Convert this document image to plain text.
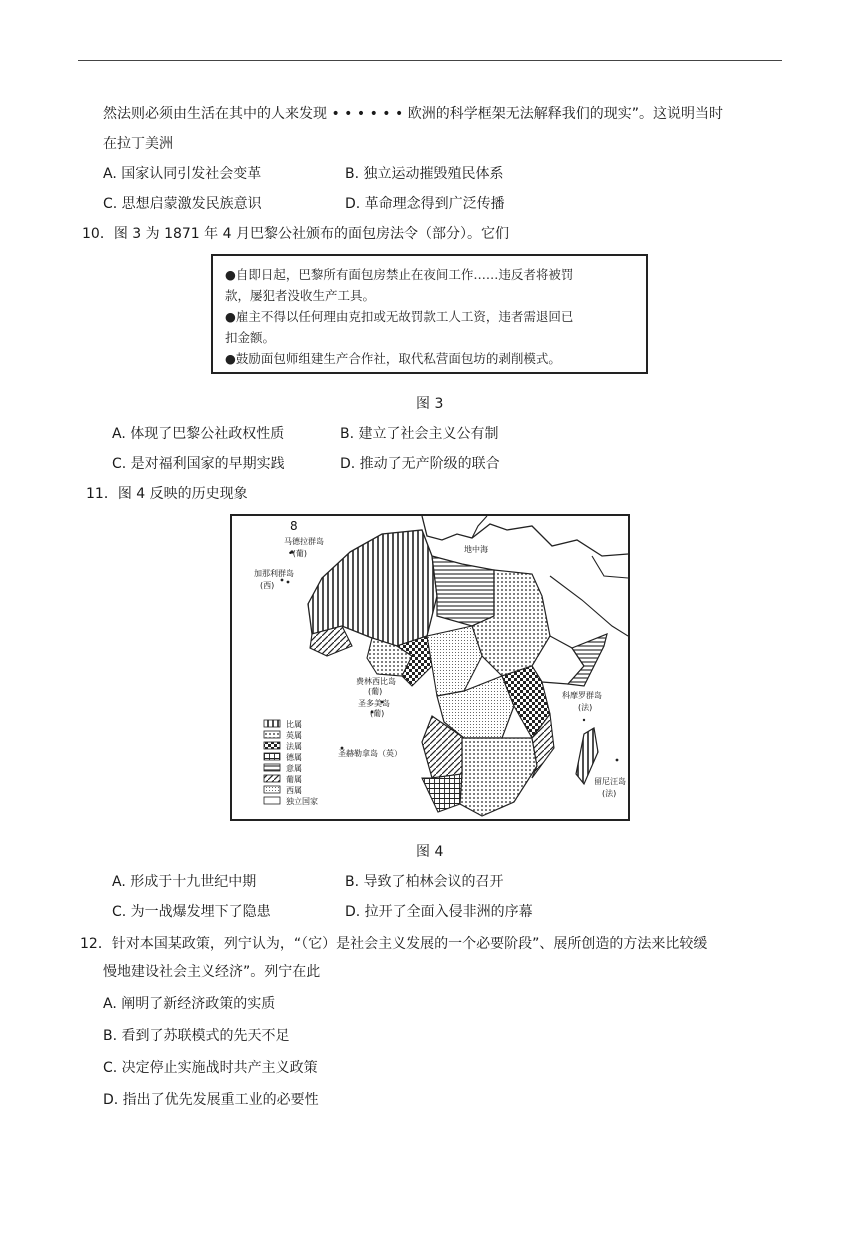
然法则必须由生活在其中的人来发现 • • • • • • 欧洲的科学框架无法解释我们的现实”。这说明当时
在拉丁美洲
A. 国家认同引发社会变革	B. 独立运动摧毁殖民体系
C. 思想启蒙激发民族意识	D. 革命理念得到广泛传播
10．图 3 为 1871 年 4 月巴黎公社颁布的面包房法令（部分）。它们

●自即日起，巴黎所有面包房禁止在夜间工作……违反者将被罚

款，屡犯者没收生产工具。

●雇主不得以任何理由克扣或无故罚款工人工资，违者需退回已

扣金额。

●鼓励面包师组建生产合作社，取代私营面包坊的剥削模式。

图 3
A. 体现了巴黎公社政权性质	B. 建立了社会主义公有制
C. 是对福利国家的早期实践	D. 推动了无产阶级的联合
11．图 4 反映的历史现象
8
马德拉群岛
•(葡)
加那利群岛
(西)
地中海
费林西比岛
(葡)
圣多美岛
(葡)
科摩罗群岛
(法)
圣赫勒拿岛（英）
留尼汪岛
(法)
比属
英属
法属
德属
意属
葡属
西属
独立国家
图 4
A. 形成于十九世纪中期	B. 导致了柏林会议的召开
C. 为一战爆发埋下了隐患	D. 拉开了全面入侵非洲的序幕
12．针对本国某政策，列宁认为，“（它）是社会主义发展的一个必要阶段”、展所创造的方法来比较缓
慢地建设社会主义经济”。列宁在此
A. 阐明了新经济政策的实质
B. 看到了苏联模式的先天不足
C. 决定停止实施战时共产主义政策
D. 指出了优先发展重工业的必要性
